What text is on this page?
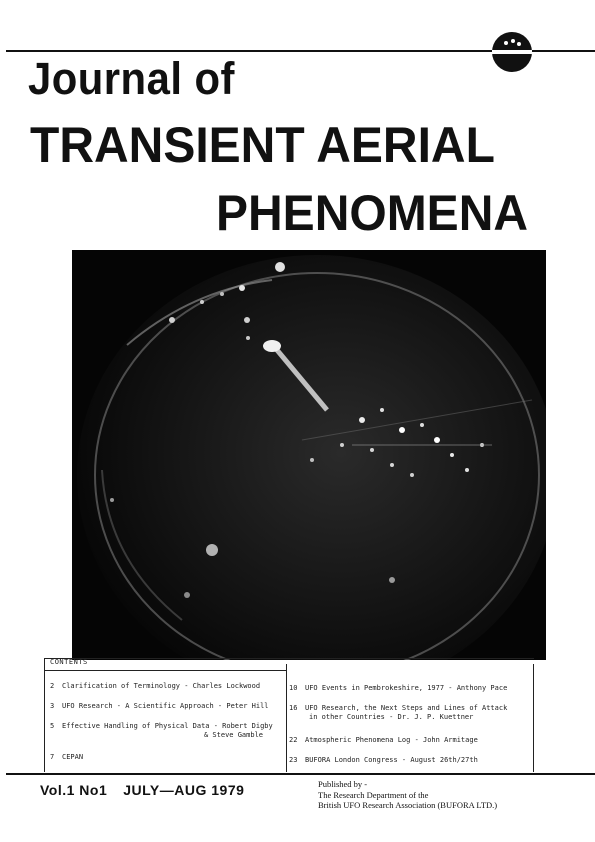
Journal of
TRANSIENT AERIAL
PHENOMENA
CONTENTS
2 Clarification of Terminology - Charles Lockwood
3 UFO Research - A Scientific Approach - Peter Hill
5 Effective Handling of Physical Data - Robert Digby
& Steve Gamble
7 CEPAN
10 UFO Events in Pembrokeshire, 1977 - Anthony Pace
16 UFO Research, the Next Steps and Lines of Attack
in other Countries - Dr. J. P. Kuettner
22 Atmospheric Phenomena Log - John Armitage
23 BUFORA London Congress - August 26th/27th
Vol.1 No1 JULY—AUG 1979	Published by -
The Research Department of the
British UFO Research Association (BUFORA LTD.)
